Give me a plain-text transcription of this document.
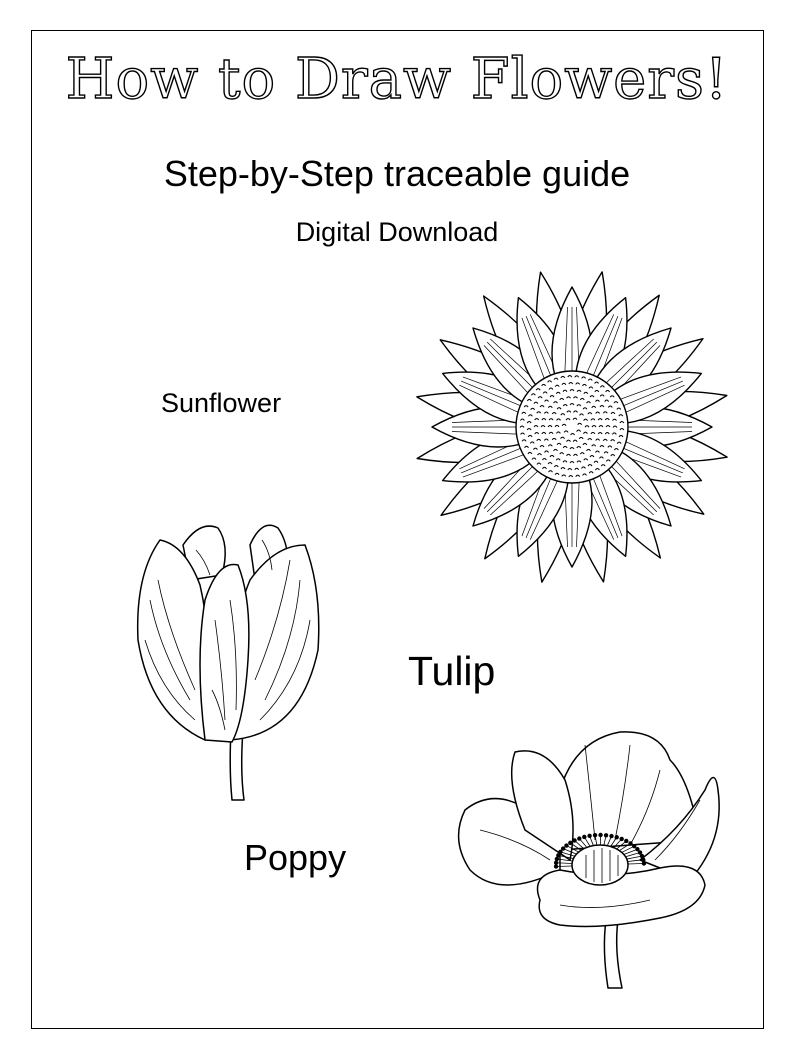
How to Draw Flowers!
Step-by-Step traceable guide
Digital Download
Sunflower
Tulip
Poppy
